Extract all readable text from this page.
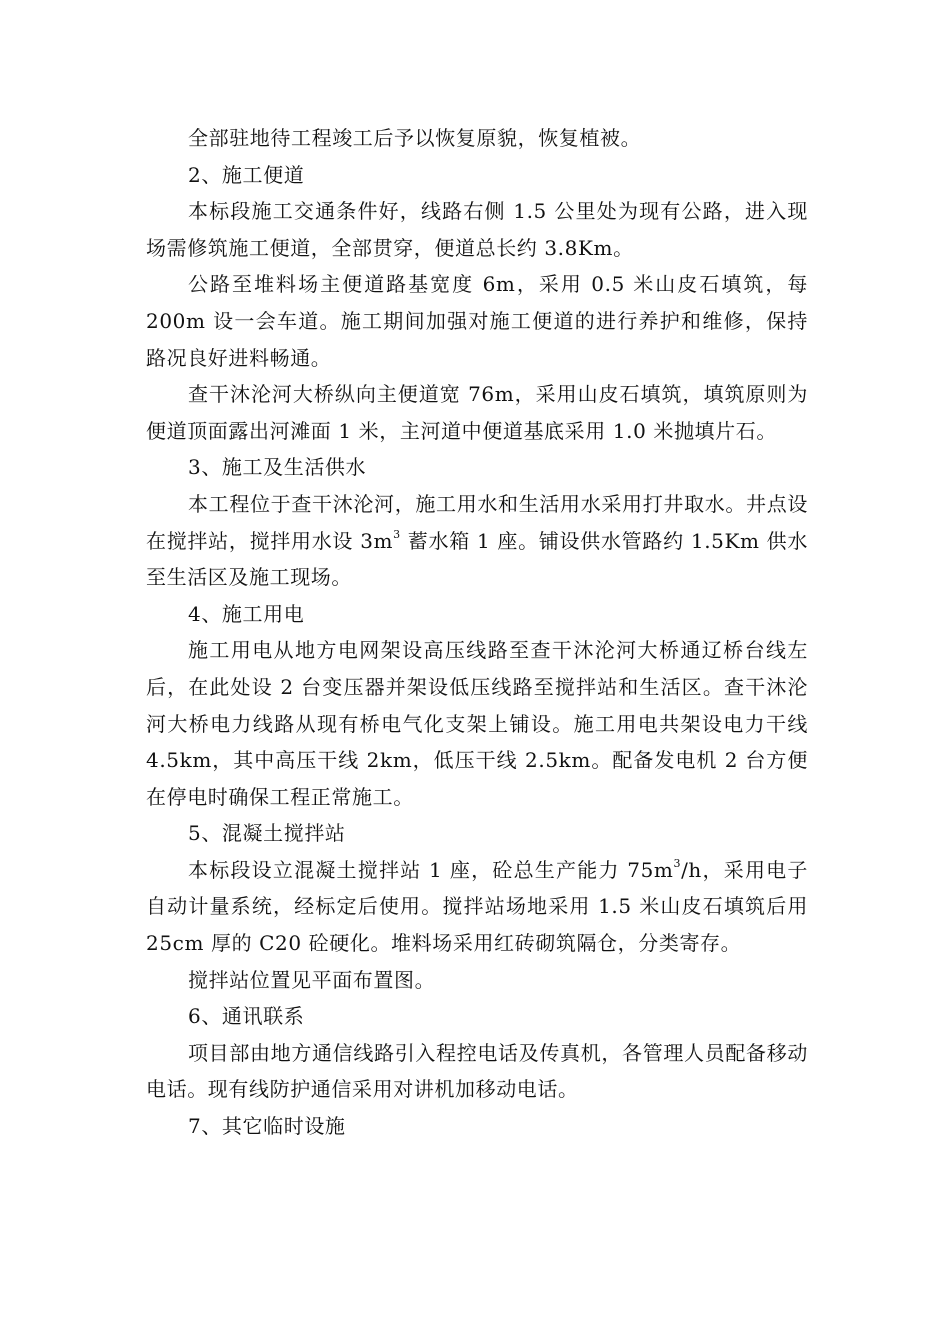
全部驻地待工程竣工后予以恢复原貌，恢复植被。

2、施工便道

本标段施工交通条件好，线路右侧 1.5 公里处为现有公路，进入现场需修筑施工便道，全部贯穿，便道总长约 3.8Km。

公路至堆料场主便道路基宽度 6m，采用 0.5 米山皮石填筑，每 200m 设一会车道。施工期间加强对施工便道的进行养护和维修，保持路况良好进料畅通。

查干沐沦河大桥纵向主便道宽 76m，采用山皮石填筑，填筑原则为便道顶面露出河滩面 1 米，主河道中便道基底采用 1.0 米抛填片石。

3、施工及生活供水

本工程位于查干沐沦河，施工用水和生活用水采用打井取水。井点设在搅拌站，搅拌用水设 $3m^3$ 蓄水箱 1 座。铺设供水管路约 1.5Km 供水至生活区及施工现场。

4、施工用电

施工用电从地方电网架设高压线路至查干沐沦河大桥通辽桥台线左后，在此处设 2 台变压器并架设低压线路至搅拌站和生活区。查干沐沦河大桥电力线路从现有桥电气化支架上铺设。施工用电共架设电力干线 4.5km，其中高压干线 2km，低压干线 2.5km。配备发电机 2 台方便在停电时确保工程正常施工。

5、混凝土搅拌站

本标段设立混凝土搅拌站 1 座，砼总生产能力 $75m^3/h$，采用电子自动计量系统，经标定后使用。搅拌站场地采用 1.5 米山皮石填筑后用 25cm 厚的 C20 砼硬化。堆料场采用红砖砌筑隔仓，分类寄存。

搅拌站位置见平面布置图。

6、通讯联系

项目部由地方通信线路引入程控电话及传真机，各管理人员配备移动电话。现有线防护通信采用对讲机加移动电话。

7、其它临时设施
